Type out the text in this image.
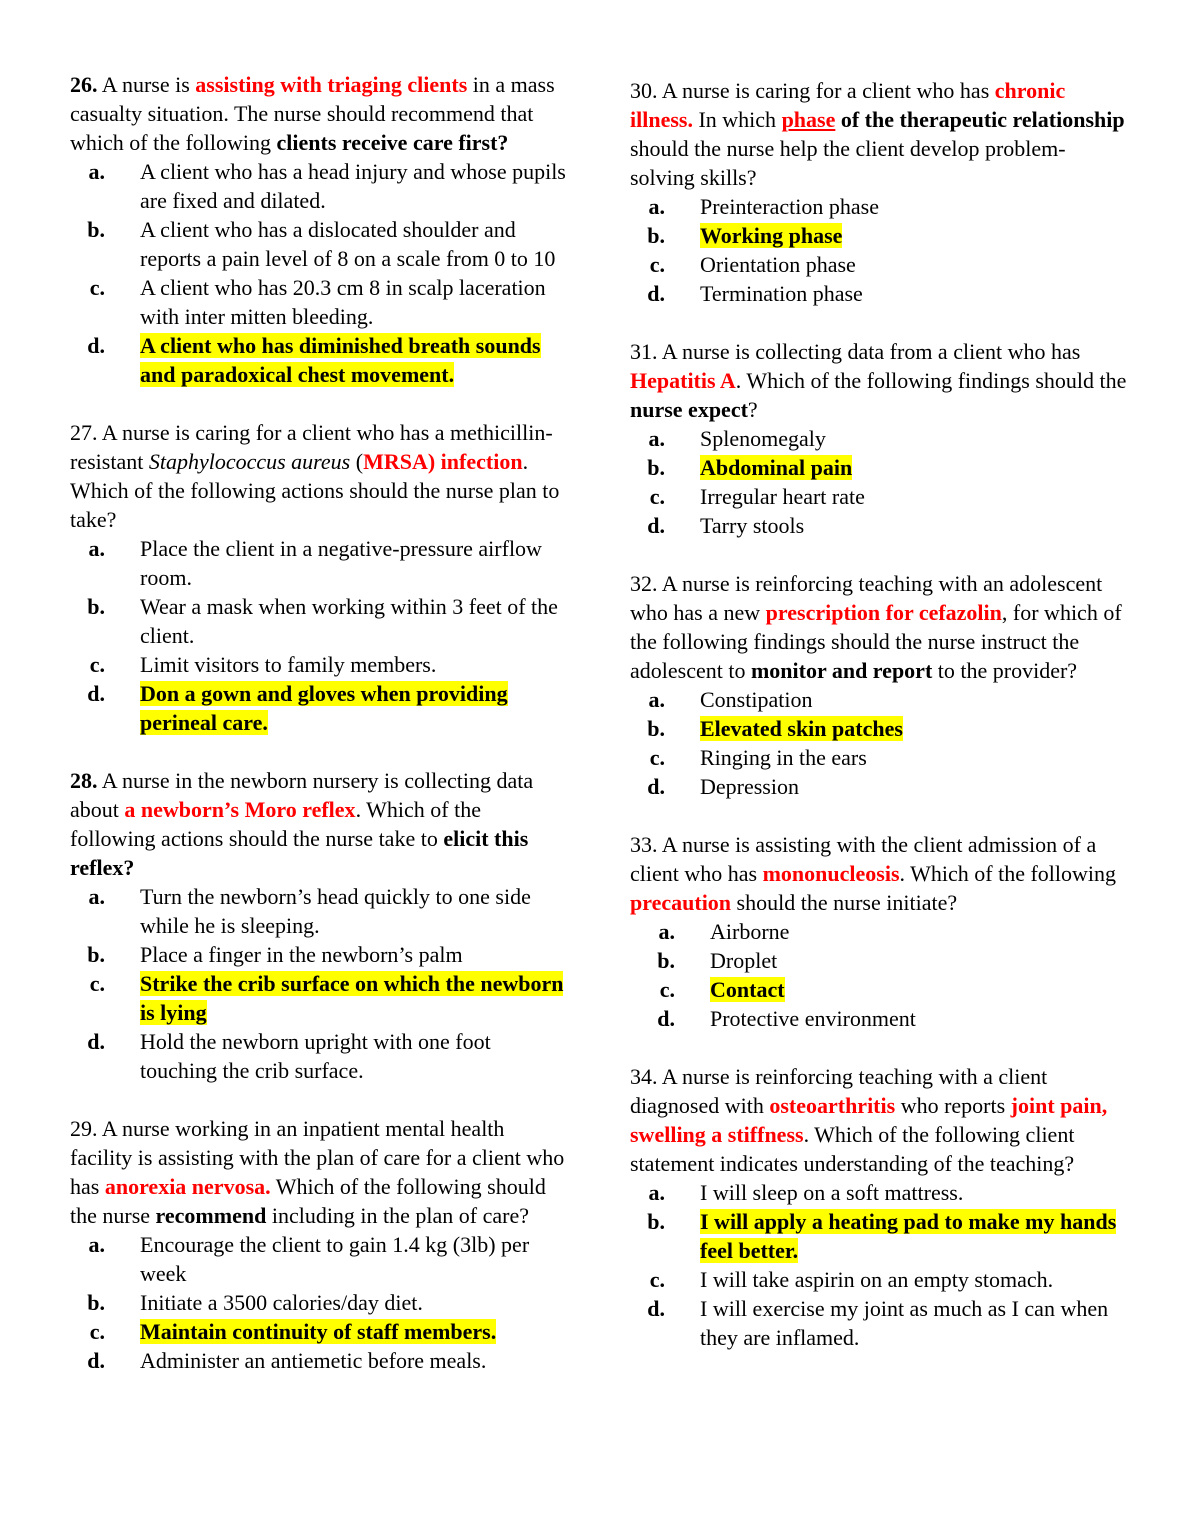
26. A nurse is assisting with triaging clients in a mass casualty situation. The nurse should recommend that which of the following clients receive care first?

a. A client who has a head injury and whose pupils are fixed and dilated.
b. A client who has a dislocated shoulder and reports a pain level of 8 on a scale from 0 to 10
c. A client who has 20.3 cm 8 in scalp laceration with inter mitten bleeding.
d. A client who has diminished breath sounds and paradoxical chest movement.

27. A nurse is caring for a client who has a methicillin-resistant Staphylococcus aureus (MRSA) infection. Which of the following actions should the nurse plan to take?

a. Place the client in a negative-pressure airflow room.
b. Wear a mask when working within 3 feet of the client.
c. Limit visitors to family members.
d. Don a gown and gloves when providing perineal care.

28. A nurse in the newborn nursery is collecting data about a newborn’s Moro reflex. Which of the following actions should the nurse take to elicit this reflex?

a. Turn the newborn’s head quickly to one side while he is sleeping.
b. Place a finger in the newborn’s palm
c. Strike the crib surface on which the newborn is lying
d. Hold the newborn upright with one foot touching the crib surface.

29. A nurse working in an inpatient mental health facility is assisting with the plan of care for a client who has anorexia nervosa. Which of the following should the nurse recommend including in the plan of care?

a. Encourage the client to gain 1.4 kg (3lb) per week
b. Initiate a 3500 calories/day diet.
c. Maintain continuity of staff members.
d. Administer an antiemetic before meals.

30. A nurse is caring for a client who has chronic illness. In which phase of the therapeutic relationship should the nurse help the client develop problem-solving skills?

a. Preinteraction phase
b. Working phase
c. Orientation phase
d. Termination phase

31. A nurse is collecting data from a client who has Hepatitis A. Which of the following findings should the nurse expect?

a. Splenomegaly
b. Abdominal pain
c. Irregular heart rate
d. Tarry stools

32. A nurse is reinforcing teaching with an adolescent who has a new prescription for cefazolin, for which of the following findings should the nurse instruct the adolescent to monitor and report to the provider?

a. Constipation
b. Elevated skin patches
c. Ringing in the ears
d. Depression

33. A nurse is assisting with the client admission of a client who has mononucleosis. Which of the following precaution should the nurse initiate?

a. Airborne
b. Droplet
c. Contact
d. Protective environment

34. A nurse is reinforcing teaching with a client diagnosed with osteoarthritis who reports joint pain, swelling a stiffness. Which of the following client statement indicates understanding of the teaching?

a. I will sleep on a soft mattress.
b. I will apply a heating pad to make my hands feel better.
c. I will take aspirin on an empty stomach.
d. I will exercise my joint as much as I can when they are inflamed.
